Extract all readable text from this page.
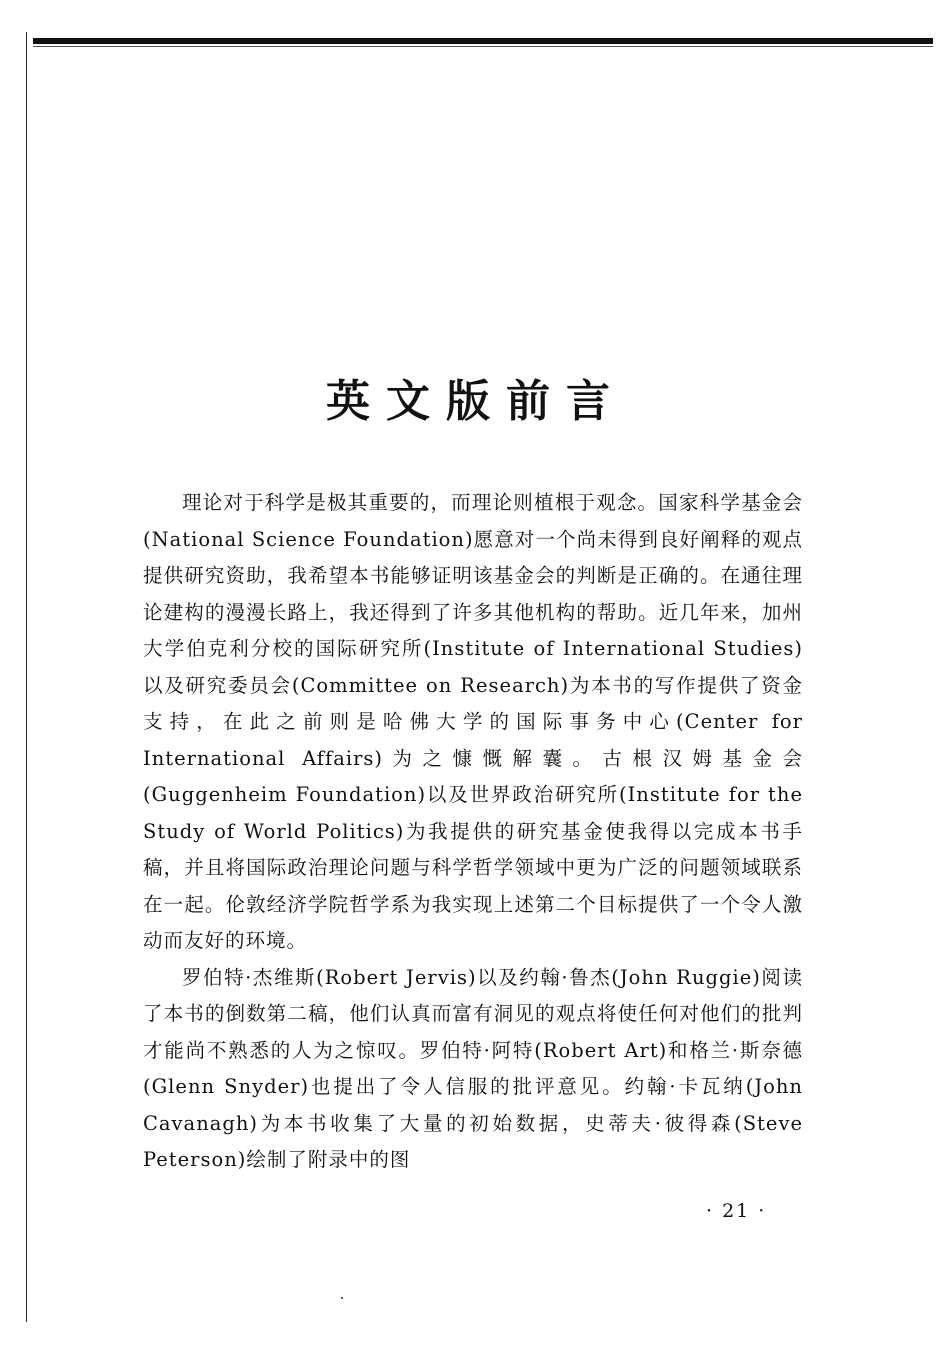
英文版前言

理论对于科学是极其重要的，而理论则植根于观念。国家科学基金会(National Science Foundation)愿意对一个尚未得到良好阐释的观点提供研究资助，我希望本书能够证明该基金会的判断是正确的。在通往理论建构的漫漫长路上，我还得到了许多其他机构的帮助。近几年来，加州大学伯克利分校的国际研究所(Institute of International Studies)以及研究委员会(Committee on Research)为本书的写作提供了资金支持，在此之前则是哈佛大学的国际事务中心(Center for International Affairs)为之慷慨解囊。古根汉姆基金会(Guggenheim Foundation)以及世界政治研究所(Institute for the Study of World Politics)为我提供的研究基金使我得以完成本书手稿，并且将国际政治理论问题与科学哲学领域中更为广泛的问题领域联系在一起。伦敦经济学院哲学系为我实现上述第二个目标提供了一个令人激动而友好的环境。

罗伯特·杰维斯(Robert Jervis)以及约翰·鲁杰(John Ruggie)阅读了本书的倒数第二稿，他们认真而富有洞见的观点将使任何对他们的批判才能尚不熟悉的人为之惊叹。罗伯特·阿特(Robert Art)和格兰·斯奈德(Glenn Snyder)也提出了令人信服的批评意见。约翰·卡瓦纳(John Cavanagh)为本书收集了大量的初始数据，史蒂夫·彼得森(Steve Peterson)绘制了附录中的图

· 21 ·
